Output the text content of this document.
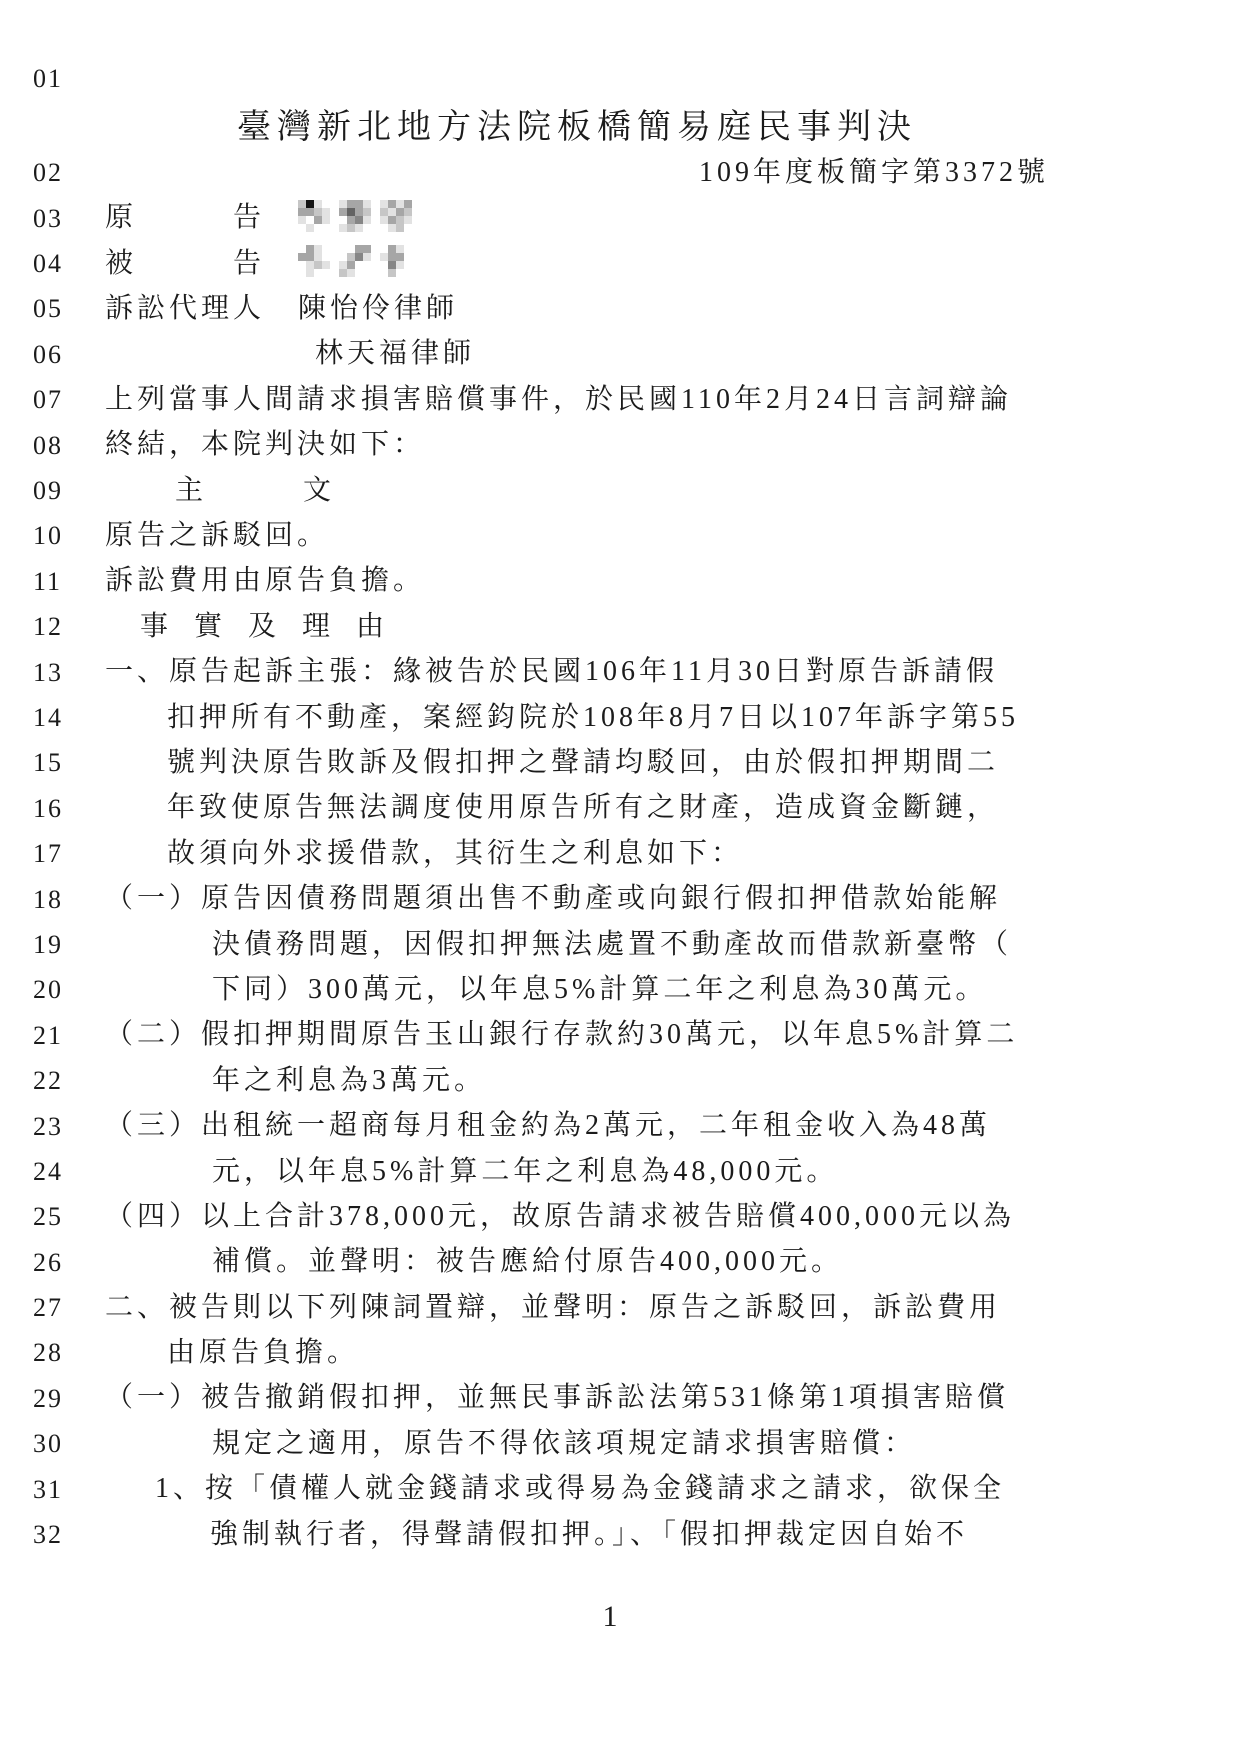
01
臺灣新北地方法院板橋簡易庭民事判決
02	109年度板簡字第3372號
03	原　　　告
04	被　　　告
05	訴訟代理人 陳怡伶律師
06	林天福律師
07	上列當事人間請求損害賠償事件，於民國110年2月24日言詞辯論
08	終結，本院判決如下：
09	主　　　文
10	原告之訴駁回。
11	訴訟費用由原告負擔。
12	事  實  及  理  由
13	一、原告起訴主張：緣被告於民國106年11月30日對原告訴請假
14	扣押所有不動產，案經鈞院於108年8月7日以107年訴字第55
15	號判決原告敗訴及假扣押之聲請均駁回，由於假扣押期間二
16	年致使原告無法調度使用原告所有之財產，造成資金斷鏈，
17	故須向外求援借款，其衍生之利息如下：
18	（一）原告因債務問題須出售不動產或向銀行假扣押借款始能解
19	決債務問題，因假扣押無法處置不動產故而借款新臺幣（
20	下同）300萬元，以年息5%計算二年之利息為30萬元。
21	（二）假扣押期間原告玉山銀行存款約30萬元，以年息5%計算二
22	年之利息為3萬元。
23	（三）出租統一超商每月租金約為2萬元，二年租金收入為48萬
24	元，以年息5%計算二年之利息為48,000元。
25	（四）以上合計378,000元，故原告請求被告賠償400,000元以為
26	補償。並聲明：被告應給付原告400,000元。
27	二、被告則以下列陳詞置辯，並聲明：原告之訴駁回，訴訟費用
28	由原告負擔。
29	（一）被告撤銷假扣押，並無民事訴訟法第531條第1項損害賠償
30	規定之適用，原告不得依該項規定請求損害賠償：
31	1、按「債權人就金錢請求或得易為金錢請求之請求，欲保全
32	強制執行者，得聲請假扣押。」、「假扣押裁定因自始不
1
